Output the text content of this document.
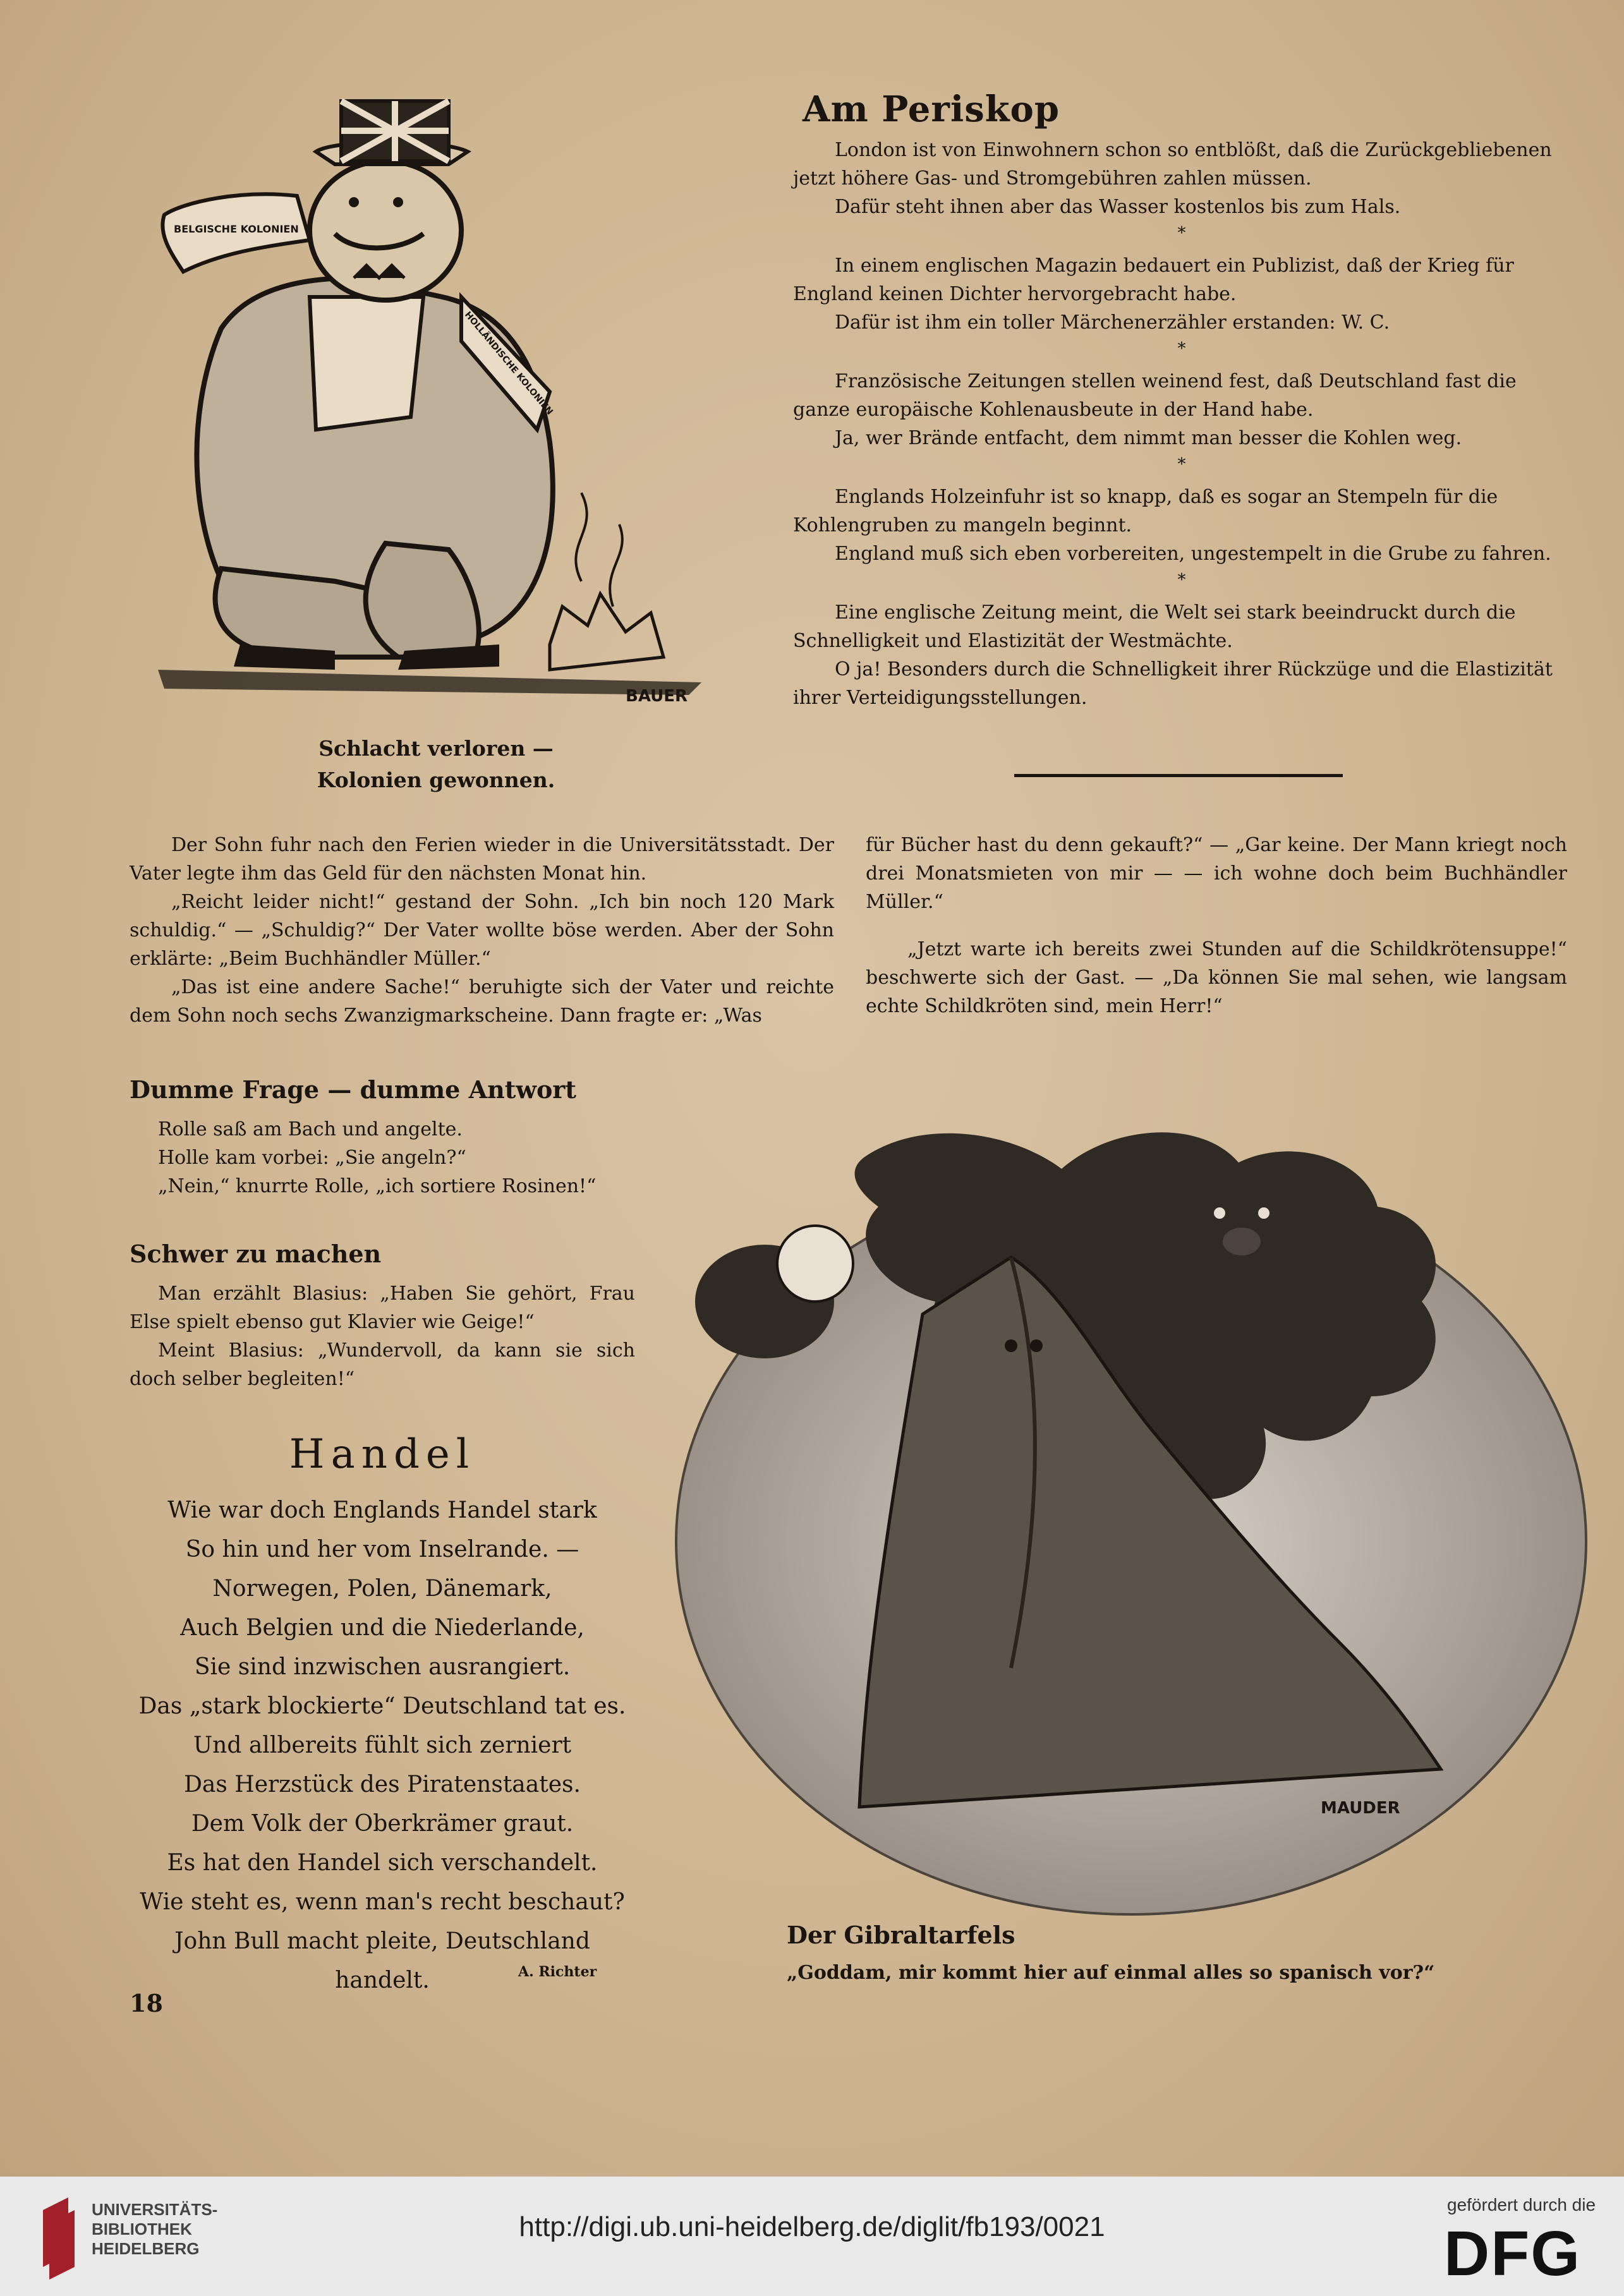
BAUER
BELGISCHE KOLONIEN
HOLLÄNDISCHE KOLONIEN
Schlacht verloren —
Kolonien gewonnen.
Am Periskop

London ist von Einwohnern schon so entblößt, daß die Zurückgebliebenen jetzt höhere Gas- und Stromgebühren zahlen müssen.

Dafür steht ihnen aber das Wasser kostenlos bis zum Hals.

*

In einem englischen Magazin bedauert ein Publizist, daß der Krieg für England keinen Dichter hervorgebracht habe.

Dafür ist ihm ein toller Märchenerzähler erstanden: W. C.

*

Französische Zeitungen stellen weinend fest, daß Deutschland fast die ganze europäische Kohlenausbeute in der Hand habe.

Ja, wer Brände entfacht, dem nimmt man besser die Kohlen weg.

*

Englands Holzeinfuhr ist so knapp, daß es sogar an Stempeln für die Kohlengruben zu mangeln beginnt.

England muß sich eben vorbereiten, ungestempelt in die Grube zu fahren.

*

Eine englische Zeitung meint, die Welt sei stark beeindruckt durch die Schnelligkeit und Elastizität der Westmächte.

O ja! Besonders durch die Schnelligkeit ihrer Rückzüge und die Elastizität ihrer Verteidigungsstellungen.

Der Sohn fuhr nach den Ferien wieder in die Universitätsstadt. Der Vater legte ihm das Geld für den nächsten Monat hin.

„Reicht leider nicht!“ gestand der Sohn. „Ich bin noch 120 Mark schuldig.“ — „Schuldig?“ Der Vater wollte böse werden. Aber der Sohn erklärte: „Beim Buchhändler Müller.“

„Das ist eine andere Sache!“ beruhigte sich der Vater und reichte dem Sohn noch sechs Zwanzigmarkscheine. Dann fragte er: „Was

für Bücher hast du denn gekauft?“ — „Gar keine. Der Mann kriegt noch drei Monatsmieten von mir — — ich wohne doch beim Buchhändler Müller.“

„Jetzt warte ich bereits zwei Stunden auf die Schildkrötensuppe!“ beschwerte sich der Gast. — „Da können Sie mal sehen, wie langsam echte Schildkröten sind, mein Herr!“

Dumme Frage — dumme Antwort

Rolle saß am Bach und angelte.

Holle kam vorbei: „Sie angeln?“

„Nein,“ knurrte Rolle, „ich sortiere Rosinen!“

Schwer zu machen

Man erzählt Blasius: „Haben Sie gehört, Frau Else spielt ebenso gut Klavier wie Geige!“

Meint Blasius: „Wundervoll, da kann sie sich doch selber begleiten!“

Handel
Wie war doch Englands Handel stark
So hin und her vom Inselrande. —
Norwegen, Polen, Dänemark,
Auch Belgien und die Niederlande,
Sie sind inzwischen ausrangiert.
Das „stark blockierte“ Deutschland tat es.
Und allbereits fühlt sich zerniert
Das Herzstück des Piratenstaates.
Dem Volk der Oberkrämer graut.
Es hat den Handel sich verschandelt.
Wie steht es, wenn man's recht beschaut?
John Bull macht pleite, Deutschland handelt.	A. Richter
18
MAUDER
Der Gibraltarfels
„Goddam, mir kommt hier auf einmal alles so spanisch vor?“
UNIVERSITÄTS-
BIBLIOTHEK
HEIDELBERG
http://digi.ub.uni-heidelberg.de/diglit/fb193/0021
gefördert durch die
DFG
